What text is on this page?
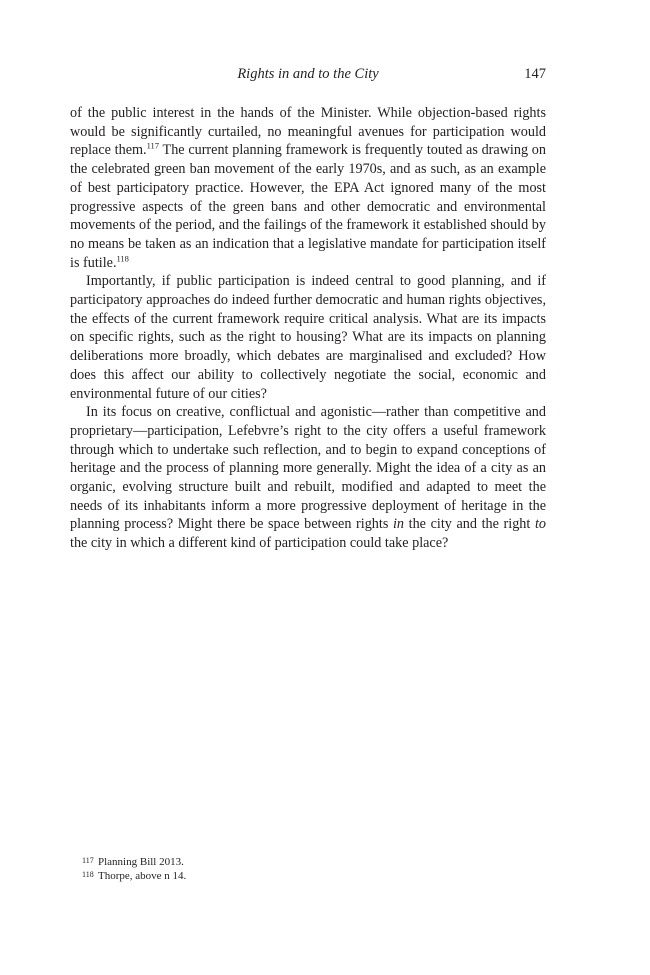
Rights in and to the City	147

of the public interest in the hands of the Minister. While objection-based rights would be significantly curtailed, no meaningful avenues for participation would replace them.$^{117}$ The current planning framework is frequently touted as drawing on the celebrated green ban movement of the early 1970s, and as such, as an example of best participatory practice. However, the EPA Act ignored many of the most progressive aspects of the green bans and other democratic and environmental movements of the period, and the failings of the framework it established should by no means be taken as an indication that a legislative mandate for participation itself is futile.$^{118}$

Importantly, if public participation is indeed central to good planning, and if participatory approaches do indeed further democratic and human rights objectives, the effects of the current framework require critical analysis. What are its impacts on specific rights, such as the right to housing? What are its impacts on planning deliberations more broadly, which debates are marginalised and excluded? How does this affect our ability to collectively negotiate the social, economic and environmental future of our cities?

In its focus on creative, conflictual and agonistic—rather than competitive and proprietary—participation, Lefebvre’s right to the city offers a useful framework through which to undertake such reflection, and to begin to expand conceptions of heritage and the process of planning more generally. Might the idea of a city as an organic, evolving structure built and rebuilt, modified and adapted to meet the needs of its inhabitants inform a more progressive deployment of heritage in the planning process? Might there be space between rights in the city and the right to the city in which a different kind of participation could take place?

117 Planning Bill 2013.
118 Thorpe, above n 14.
